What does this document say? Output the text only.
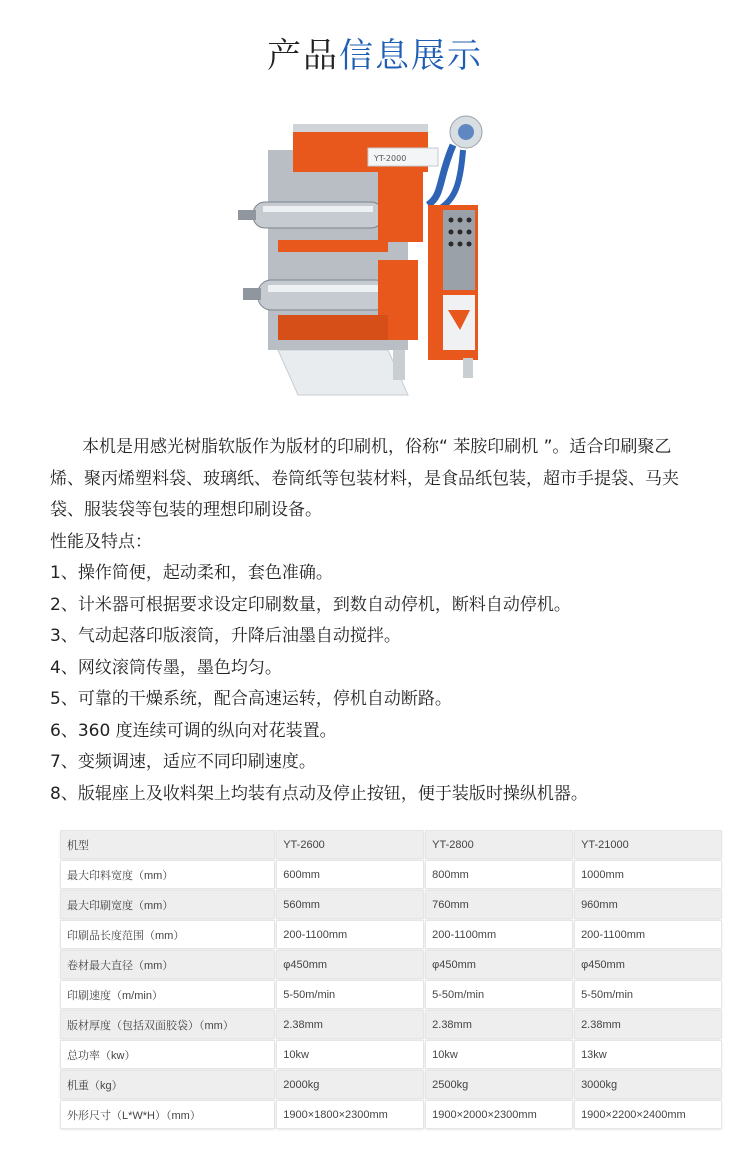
产品信息展示
YT-2000

本机是用感光树脂软版作为版材的印刷机，俗称“ 苯胺印刷机 ”。适合印刷聚乙烯、聚丙烯塑料袋、玻璃纸、卷筒纸等包装材料，是食品纸包装，超市手提袋、马夹袋、服装袋等包装的理想印刷设备。

性能及特点：

1、操作简便，起动柔和，套色准确。

2、计米器可根据要求设定印刷数量，到数自动停机，断料自动停机。

3、气动起落印版滚筒，升降后油墨自动搅拌。

4、网纹滚筒传墨，墨色均匀。

5、可靠的干燥系统，配合高速运转，停机自动断路。

6、360 度连续可调的纵向对花装置。

7、变频调速，适应不同印刷速度。

8、版辊座上及收料架上均装有点动及停止按钮，便于装版时操纵机器。

机型	YT-2600	YT-2800	YT-21000
最大印料宽度（mm）	600mm	800mm	1000mm
最大印刷宽度（mm）	560mm	760mm	960mm
印刷品长度范围（mm）	200-1100mm	200-1100mm	200-1100mm
卷材最大直径（mm）	φ450mm	φ450mm	φ450mm
印刷速度（m/min）	5-50m/min	5-50m/min	5-50m/min
版材厚度（包括双面胶袋）（mm）	2.38mm	2.38mm	2.38mm
总功率（kw）	10kw	10kw	13kw
机重（kg）	2000kg	2500kg	3000kg
外形尺寸（L*W*H）（mm）	1900×1800×2300mm	1900×2000×2300mm	1900×2200×2400mm
